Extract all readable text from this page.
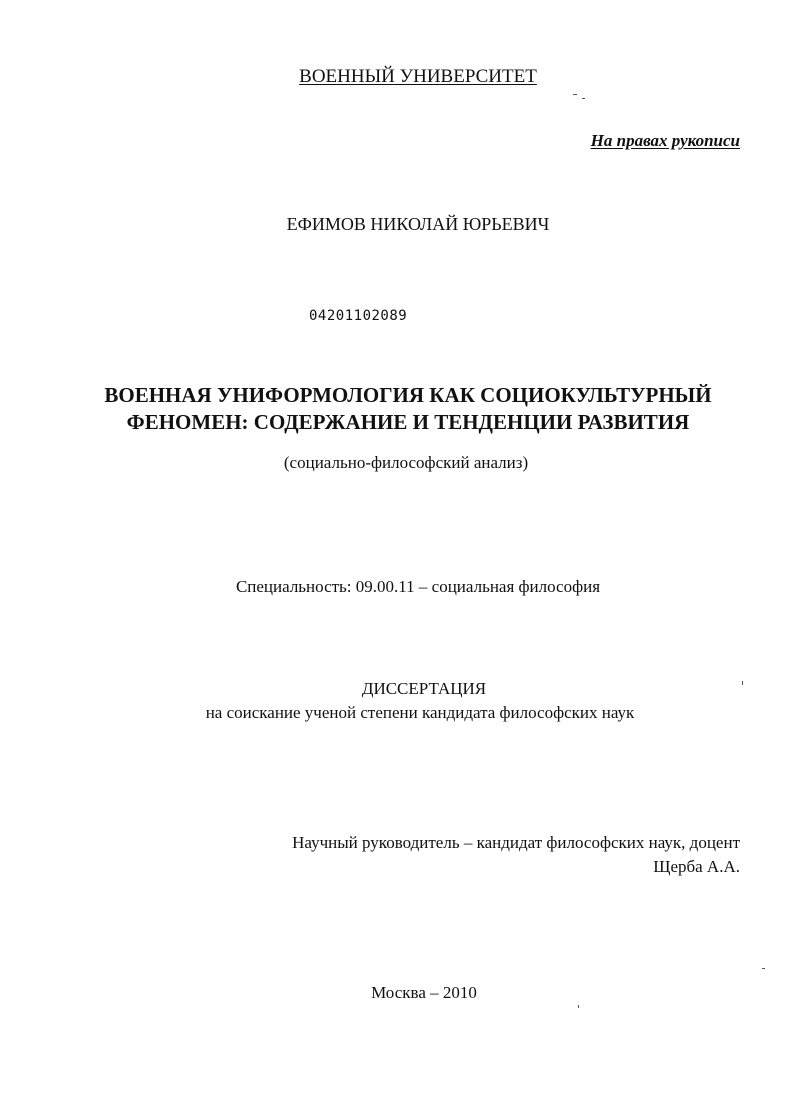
ВОЕННЫЙ УНИВЕРСИТЕТ
На правах рукописи
ЕФИМОВ НИКОЛАЙ ЮРЬЕВИЧ
04201102089
ВОЕННАЯ УНИФОРМОЛОГИЯ КАК СОЦИОКУЛЬТУРНЫЙ
ФЕНОМЕН: СОДЕРЖАНИЕ И ТЕНДЕНЦИИ РАЗВИТИЯ
(социально-философский анализ)
Специальность: 09.00.11 – социальная философия
ДИССЕРТАЦИЯ
на соискание ученой степени кандидата философских наук
Научный руководитель – кандидат философских наук, доцент
Щерба А.А.
Москва – 2010
